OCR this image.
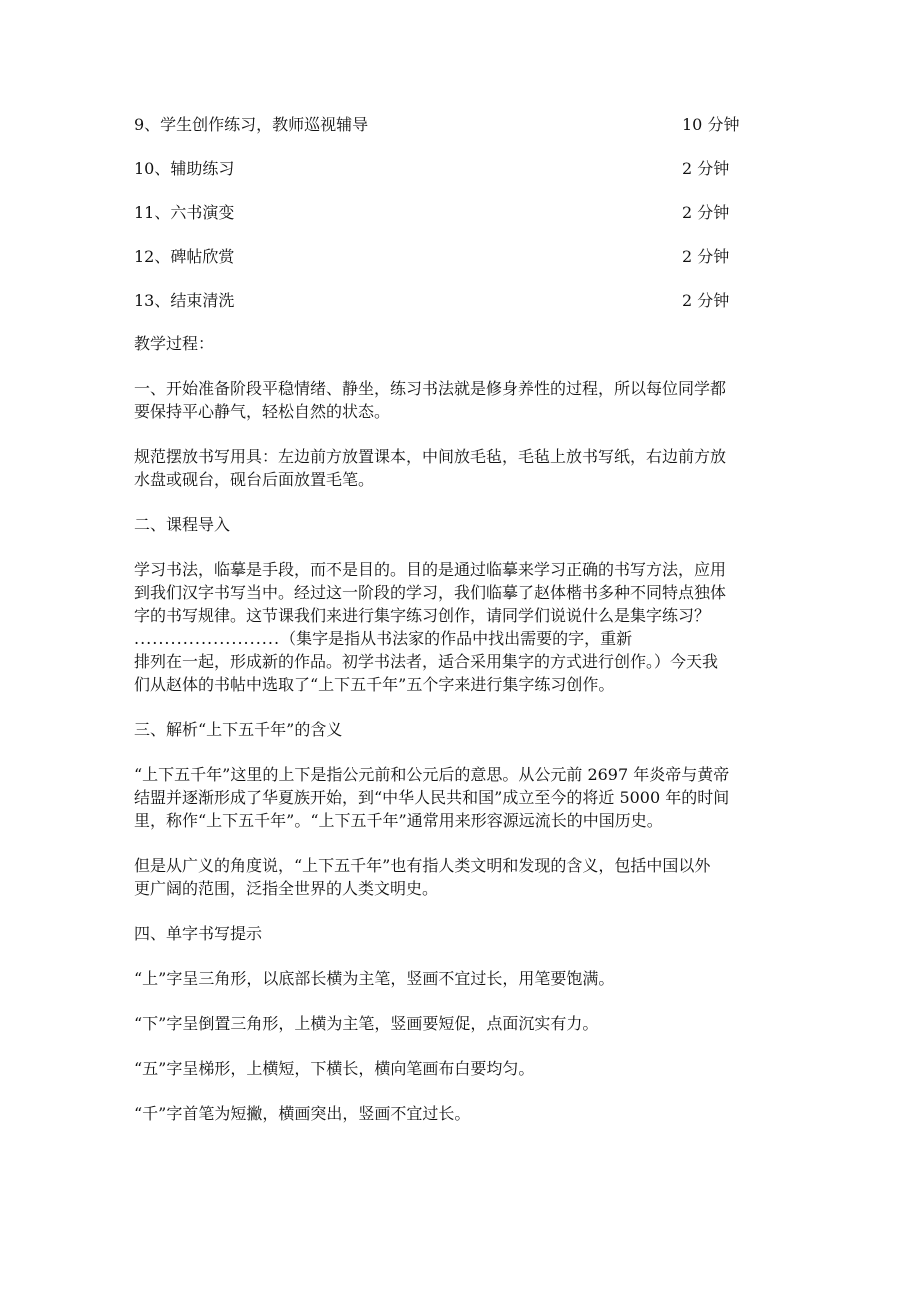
9、学生创作练习，教师巡视辅导	10 分钟
10、辅助练习	2 分钟
11、六书演变	2 分钟
12、碑帖欣赏	2 分钟
13、结束清洗	2 分钟

教学过程：

一、开始准备阶段平稳情绪、静坐，练习书法就是修身养性的过程，所以每位同学都

要保持平心静气，轻松自然的状态。

规范摆放书写用具：左边前方放置课本，中间放毛毡，毛毡上放书写纸，右边前方放

水盘或砚台，砚台后面放置毛笔。

二、课程导入

学习书法，临摹是手段，而不是目的。目的是通过临摹来学习正确的书写方法，应用

到我们汉字书写当中。经过这一阶段的学习，我们临摹了赵体楷书多种不同特点独体

字的书写规律。这节课我们来进行集字练习创作，请同学们说说什么是集字练习？

........................（集字是指从书法家的作品中找出需要的字，重新

排列在一起，形成新的作品。初学书法者，适合采用集字的方式进行创作。）今天我

们从赵体的书帖中选取了“上下五千年”五个字来进行集字练习创作。

三、解析“上下五千年”的含义

“上下五千年”这里的上下是指公元前和公元后的意思。从公元前 2697 年炎帝与黄帝

结盟并逐渐形成了华夏族开始，到“中华人民共和国”成立至今的将近 5000 年的时间

里，称作“上下五千年”。“上下五千年”通常用来形容源远流长的中国历史。

但是从广义的角度说，“上下五千年”也有指人类文明和发现的含义，包括中国以外

更广阔的范围，泛指全世界的人类文明史。

四、单字书写提示

“上”字呈三角形，以底部长横为主笔，竖画不宜过长，用笔要饱满。

“下”字呈倒置三角形，上横为主笔，竖画要短促，点面沉实有力。

“五”字呈梯形，上横短，下横长，横向笔画布白要均匀。

“千”字首笔为短撇，横画突出，竖画不宜过长。
